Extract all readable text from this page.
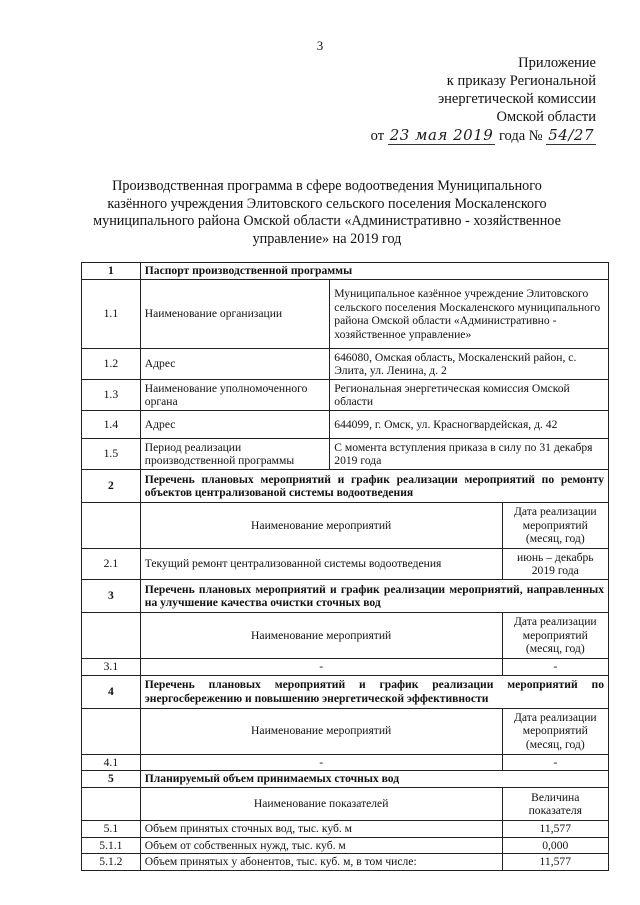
3
Приложение
к приказу Региональной
энергетической комиссии
Омской области
от 23 мая 2019 года № 54/27
Производственная программа в сфере водоотведения Муниципального казённого учреждения Элитовского сельского поселения Москаленского муниципального района Омской области «Административно - хозяйственное управление» на 2019 год
1	Паспорт производственной программы		
1.1	Наименование организации	Муниципальное казённое учреждение Элитовского сельского поселения Москаленского муниципального района Омской области «Административно - хозяйственное управление»	
1.2	Адрес	646080, Омская область, Москаленский район, с. Элита, ул. Ленина, д. 2	
1.3	Наименование уполномоченного органа	Региональная энергетическая комиссия Омской области	
1.4	Адрес	644099, г. Омск, ул. Красногвардейская, д. 42	
1.5	Период реализации производственной программы	С момента вступления приказа в силу по 31 декабря 2019 года	
2	Перечень плановых мероприятий и график реализации мероприятий по ремонту объектов централизованой системы водоотведения		
	Наименование мероприятий		Дата реализации мероприятий (месяц, год)
2.1	Текущий ремонт централизованной системы водоотведения		июнь – декабрь 2019 года
3	Перечень плановых мероприятий и график реализации мероприятий, направленных на улучшение качества очистки сточных вод		
	Наименование мероприятий		Дата реализации мероприятий (месяц, год)
3.1	-		-
4	Перечень плановых мероприятий и график реализации мероприятий по энергосбережению и повышению энергетической эффективности		
	Наименование мероприятий		Дата реализации мероприятий (месяц, год)
4.1	-		-
5	Планируемый объем принимаемых сточных вод		
	Наименование показателей		Величина показателя
5.1	Объем принятых сточных вод, тыс. куб. м		11,577
5.1.1	Объем от собственных нужд, тыс. куб. м		0,000
5.1.2	Объем принятых у абонентов, тыс. куб. м, в том числе:		11,577
